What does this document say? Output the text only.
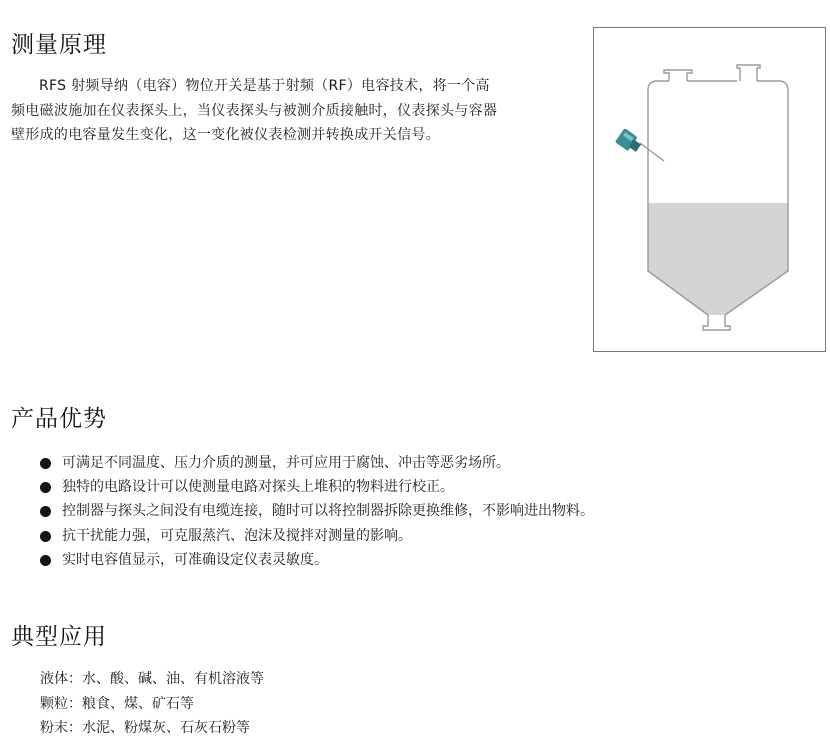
测量原理

RFS 射频导纳（电容）物位开关是基于射频（RF）电容技术，将一个高频电磁波施加在仪表探头上，当仪表探头与被测介质接触时，仪表探头与容器壁形成的电容量发生变化，这一变化被仪表检测并转换成开关信号。

产品优势
可满足不同温度、压力介质的测量，并可应用于腐蚀、冲击等恶劣场所。
独特的电路设计可以使测量电路对探头上堆积的物料进行校正。
控制器与探头之间没有电缆连接，随时可以将控制器拆除更换维修，不影响进出物料。
抗干扰能力强，可克服蒸汽、泡沫及搅拌对测量的影响。
实时电容值显示，可准确设定仪表灵敏度。
典型应用
液体：水、酸、碱、油、有机溶液等
颗粒：粮食、煤、矿石等
粉末：水泥、粉煤灰、石灰石粉等
